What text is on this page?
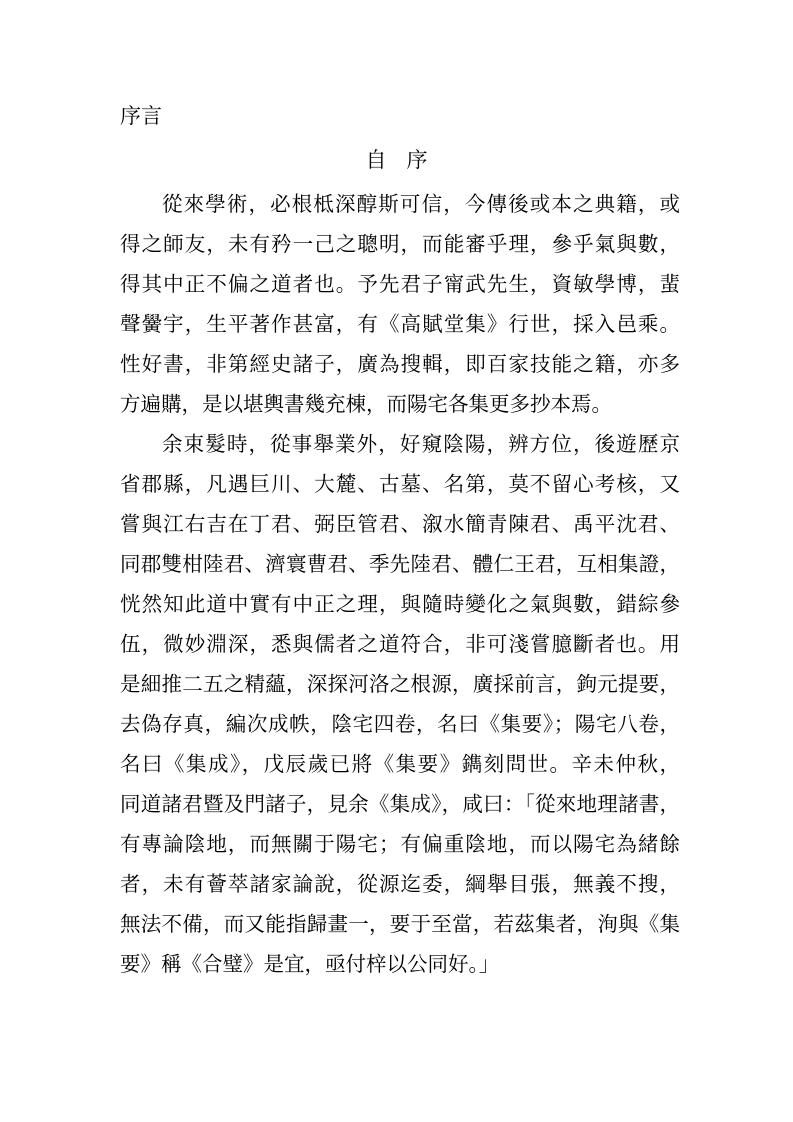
序言
自序
從來學術，必根柢深醇斯可信，今傳後或本之典籍，或
得之師友，未有矜一己之聰明，而能審乎理，參乎氣與數，
得其中正不偏之道者也。予先君子甯武先生，資敏學博，蜚
聲黌宇，生平著作甚富，有《高賦堂集》行世，採入邑乘。
性好書，非第經史諸子，廣為搜輯，即百家技能之籍，亦多
方遍購，是以堪輿書幾充棟，而陽宅各集更多抄本焉。
余束髮時，從事舉業外，好窺陰陽，辨方位，後遊歷京
省郡縣，凡遇巨川、大麓、古墓、名第，莫不留心考核，又
嘗與江右吉在丁君、弼臣管君、溆水簡青陳君、禹平沈君、
同郡雙柑陸君、濟寰曹君、季先陸君、體仁王君，互相集證，
恍然知此道中實有中正之理，與隨時變化之氣與數，錯綜參
伍，微妙淵深，悉與儒者之道符合，非可淺嘗臆斷者也。用
是細推二五之精蘊，深探河洛之根源，廣採前言，鉤元提要，
去偽存真，編次成帙，陰宅四卷，名曰《集要》；陽宅八卷，
名曰《集成》，戊辰歲已將《集要》鐫刻問世。辛未仲秋，
同道諸君暨及門諸子，見余《集成》，咸曰：「從來地理諸書，
有專論陰地，而無關于陽宅；有偏重陰地，而以陽宅為緒餘
者，未有薈萃諸家論說，從源迄委，綱舉目張，無義不搜，
無法不備，而又能指歸畫一，要于至當，若茲集者，洵與《集
要》稱《合璧》是宜，亟付梓以公同好。」
